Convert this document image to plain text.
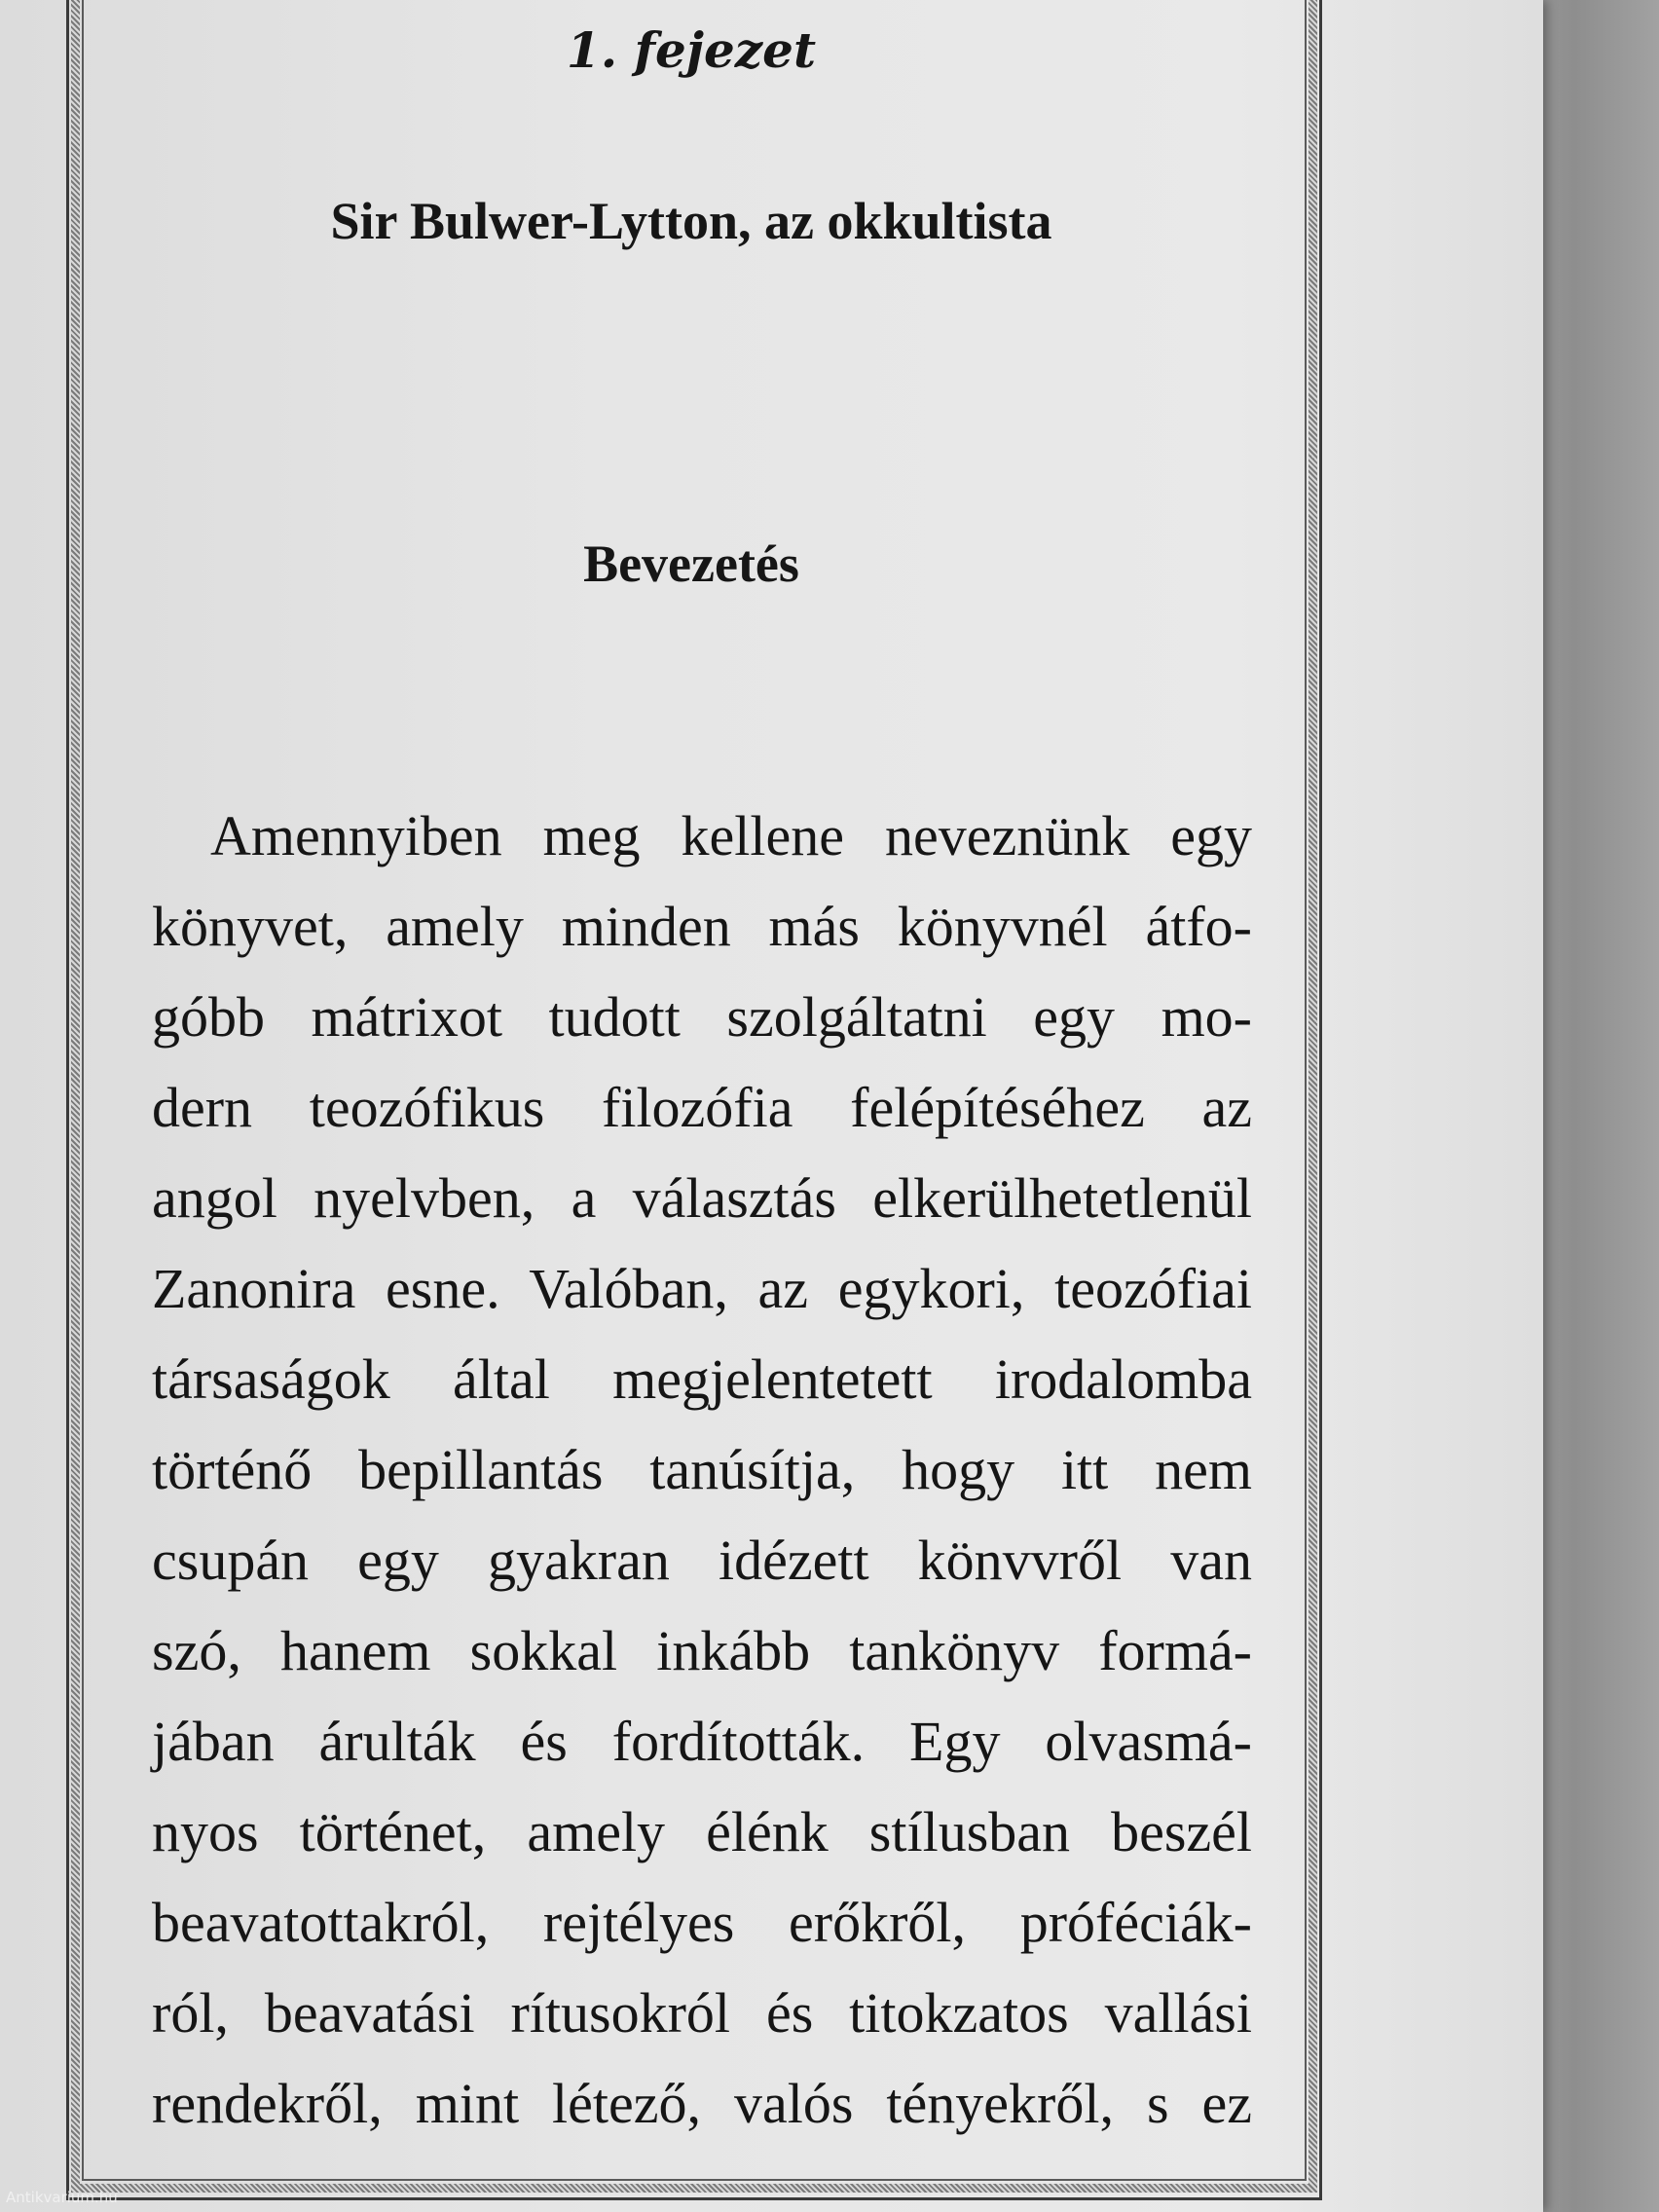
1. fejezet
Sir Bulwer-Lytton, az okkultista
Bevezetés
Amennyiben meg kellene neveznünk egy
könyvet, amely minden más könyvnél átfo-
góbb mátrixot tudott szolgáltatni egy mo-
dern teozófikus filozófia felépítéséhez az
angol nyelvben, a választás elkerülhetetlenül
Zanonira esne. Valóban, az egykori, teozófiai
társaságok által megjelentetett irodalomba
történő bepillantás tanúsítja, hogy itt nem
csupán egy gyakran idézett könvvről van
szó, hanem sokkal inkább tankönyv formá-
jában árulták és fordították. Egy olvasmá-
nyos történet, amely élénk stílusban beszél
beavatottakról, rejtélyes erőkről, próféciák-
ról, beavatási rítusokról és titokzatos vallási
rendekről, mint létező, valós tényekről, s ez
Antikvarium.hu
